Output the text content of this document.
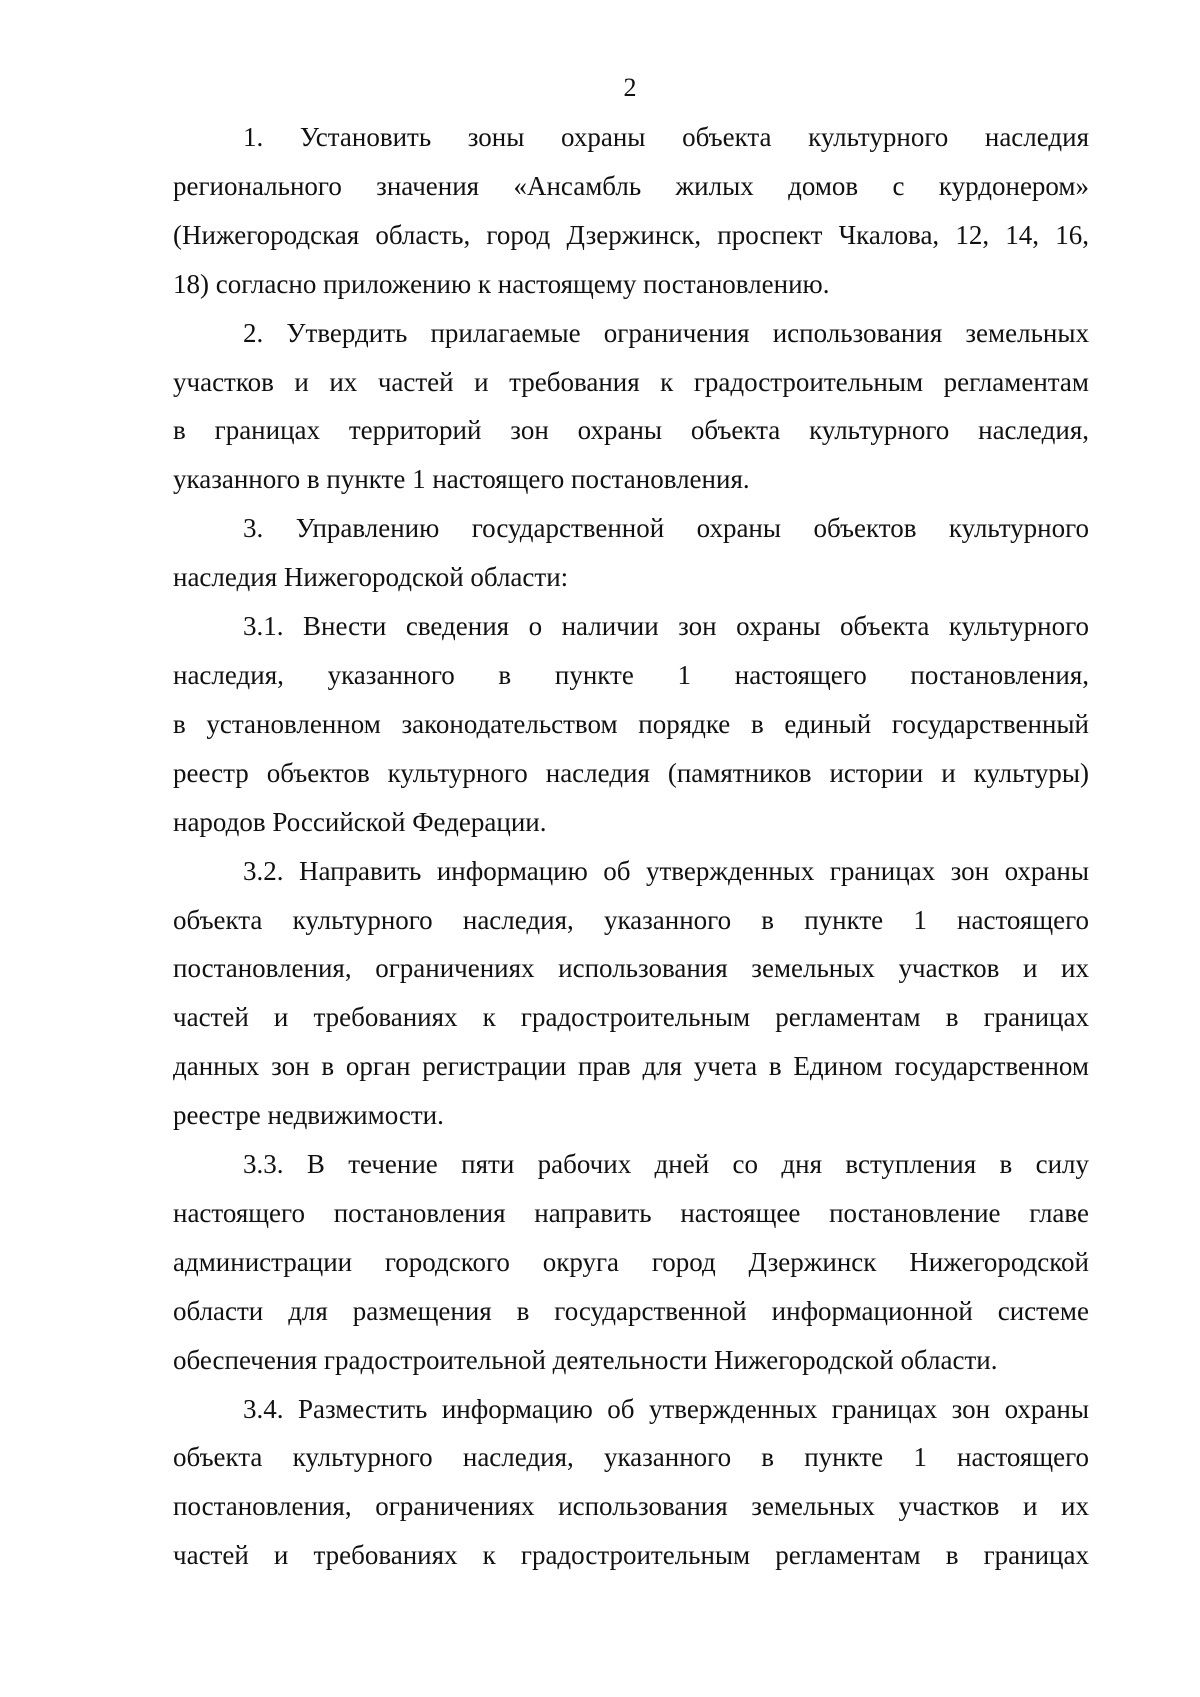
2
1. Установить зоны охраны объекта культурного наследия
регионального значения «Ансамбль жилых домов с курдонером»
(Нижегородская область, город Дзержинск, проспект Чкалова, 12, 14, 16,
18) согласно приложению к настоящему постановлению.
2. Утвердить прилагаемые ограничения использования земельных
участков и их частей и требования к градостроительным регламентам
в границах территорий зон охраны объекта культурного наследия,
указанного в пункте 1 настоящего постановления.
3. Управлению государственной охраны объектов культурного
наследия Нижегородской области:
3.1. Внести сведения о наличии зон охраны объекта культурного
наследия, указанного в пункте 1 настоящего постановления,
в установленном законодательством порядке в единый государственный
реестр объектов культурного наследия (памятников истории и культуры)
народов Российской Федерации.
3.2. Направить информацию об утвержденных границах зон охраны
объекта культурного наследия, указанного в пункте 1 настоящего
постановления, ограничениях использования земельных участков и их
частей и требованиях к градостроительным регламентам в границах
данных зон в орган регистрации прав для учета в Едином государственном
реестре недвижимости.
3.3. В течение пяти рабочих дней со дня вступления в силу
настоящего постановления направить настоящее постановление главе
администрации городского округа город Дзержинск Нижегородской
области для размещения в государственной информационной системе
обеспечения градостроительной деятельности Нижегородской области.
3.4. Разместить информацию об утвержденных границах зон охраны
объекта культурного наследия, указанного в пункте 1 настоящего
постановления, ограничениях использования земельных участков и их
частей и требованиях к градостроительным регламентам в границах
